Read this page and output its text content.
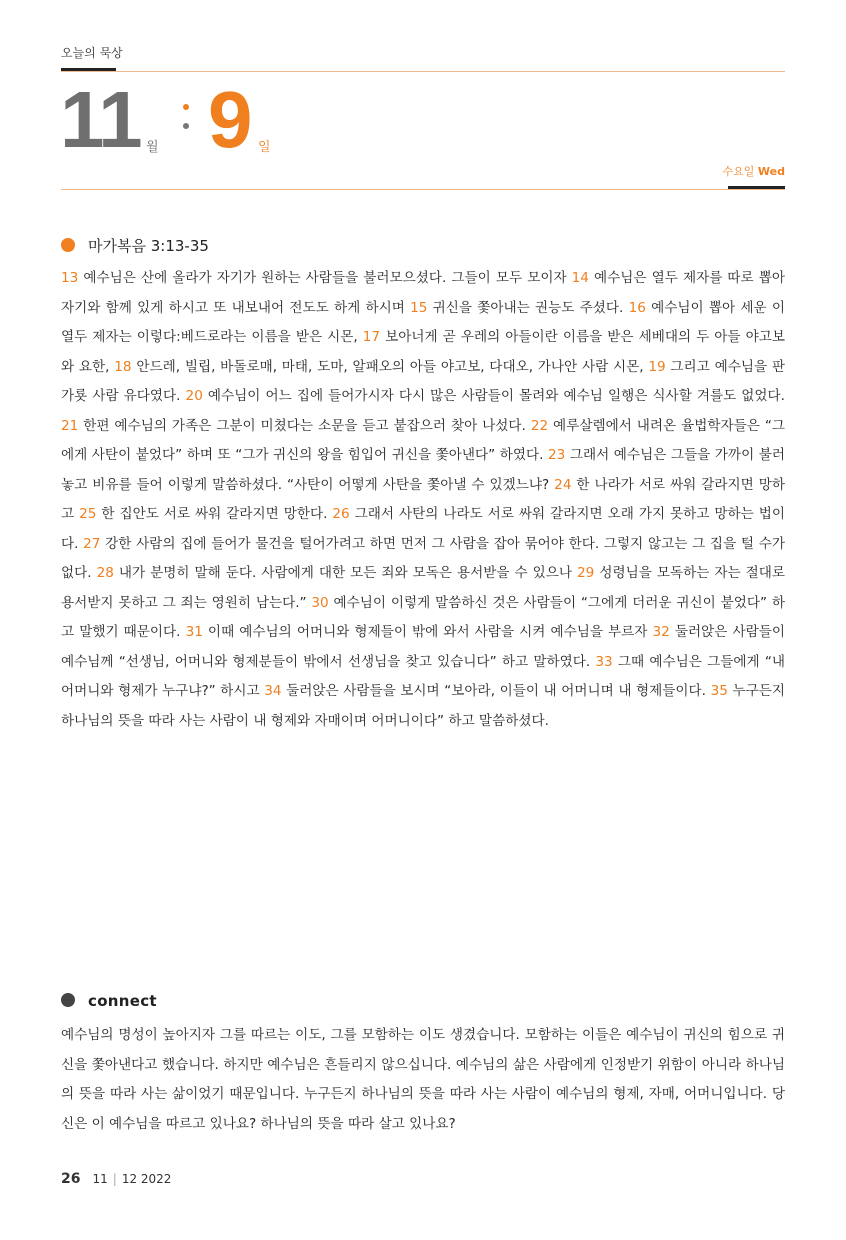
오늘의 묵상
11 월 9 일
수요일 Wed
마가복음 3:13-35
13 예수님은 산에 올라가 자기가 원하는 사람들을 불러모으셨다. 그들이 모두 모이자 14 예수님은 열두 제자를 따로 뽑아 자기와 함께 있게 하시고 또 내보내어 전도도 하게 하시며 15 귀신을 쫓아내는 권능도 주셨다. 16 예수님이 뽑아 세운 이 열두 제자는 이렇다:베드로라는 이름을 받은 시몬, 17 보아너게 곧 우레의 아들이란 이름을 받은 세베대의 두 아들 야고보와 요한, 18 안드레, 빌립, 바돌로매, 마태, 도마, 알패오의 아들 야고보, 다대오, 가나안 사람 시몬, 19 그리고 예수님을 판 가룟 사람 유다였다. 20 예수님이 어느 집에 들어가시자 다시 많은 사람들이 몰려와 예수님 일행은 식사할 겨를도 없었다. 21 한편 예수님의 가족은 그분이 미쳤다는 소문을 듣고 붙잡으러 찾아 나섰다. 22 예루살렘에서 내려온 율법학자들은 “그에게 사탄이 붙었다” 하며 또 “그가 귀신의 왕을 힘입어 귀신을 쫓아낸다” 하였다. 23 그래서 예수님은 그들을 가까이 불러 놓고 비유를 들어 이렇게 말씀하셨다. “사탄이 어떻게 사탄을 쫓아낼 수 있겠느냐? 24 한 나라가 서로 싸워 갈라지면 망하고 25 한 집안도 서로 싸워 갈라지면 망한다. 26 그래서 사탄의 나라도 서로 싸워 갈라지면 오래 가지 못하고 망하는 법이다. 27 강한 사람의 집에 들어가 물건을 털어가려고 하면 먼저 그 사람을 잡아 묶어야 한다. 그렇지 않고는 그 집을 털 수가 없다. 28 내가 분명히 말해 둔다. 사람에게 대한 모든 죄와 모독은 용서받을 수 있으나 29 성령님을 모독하는 자는 절대로 용서받지 못하고 그 죄는 영원히 남는다.” 30 예수님이 이렇게 말씀하신 것은 사람들이 “그에게 더러운 귀신이 붙었다” 하고 말했기 때문이다. 31 이때 예수님의 어머니와 형제들이 밖에 와서 사람을 시켜 예수님을 부르자 32 둘러앉은 사람들이 예수님께 “선생님, 어머니와 형제분들이 밖에서 선생님을 찾고 있습니다” 하고 말하였다. 33 그때 예수님은 그들에게 “내 어머니와 형제가 누구냐?” 하시고 34 둘러앉은 사람들을 보시며 “보아라, 이들이 내 어머니며 내 형제들이다. 35 누구든지 하나님의 뜻을 따라 사는 사람이 내 형제와 자매이며 어머니이다” 하고 말씀하셨다.
connect
예수님의 명성이 높아지자 그를 따르는 이도, 그를 모함하는 이도 생겼습니다. 모함하는 이들은 예수님이 귀신의 힘으로 귀신을 쫓아낸다고 했습니다. 하지만 예수님은 흔들리지 않으십니다. 예수님의 삶은 사람에게 인정받기 위함이 아니라 하나님의 뜻을 따라 사는 삶이었기 때문입니다. 누구든지 하나님의 뜻을 따라 사는 사람이 예수님의 형제, 자매, 어머니입니다. 당신은 이 예수님을 따르고 있나요? 하나님의 뜻을 따라 살고 있나요?
26 11 | 12 2022
